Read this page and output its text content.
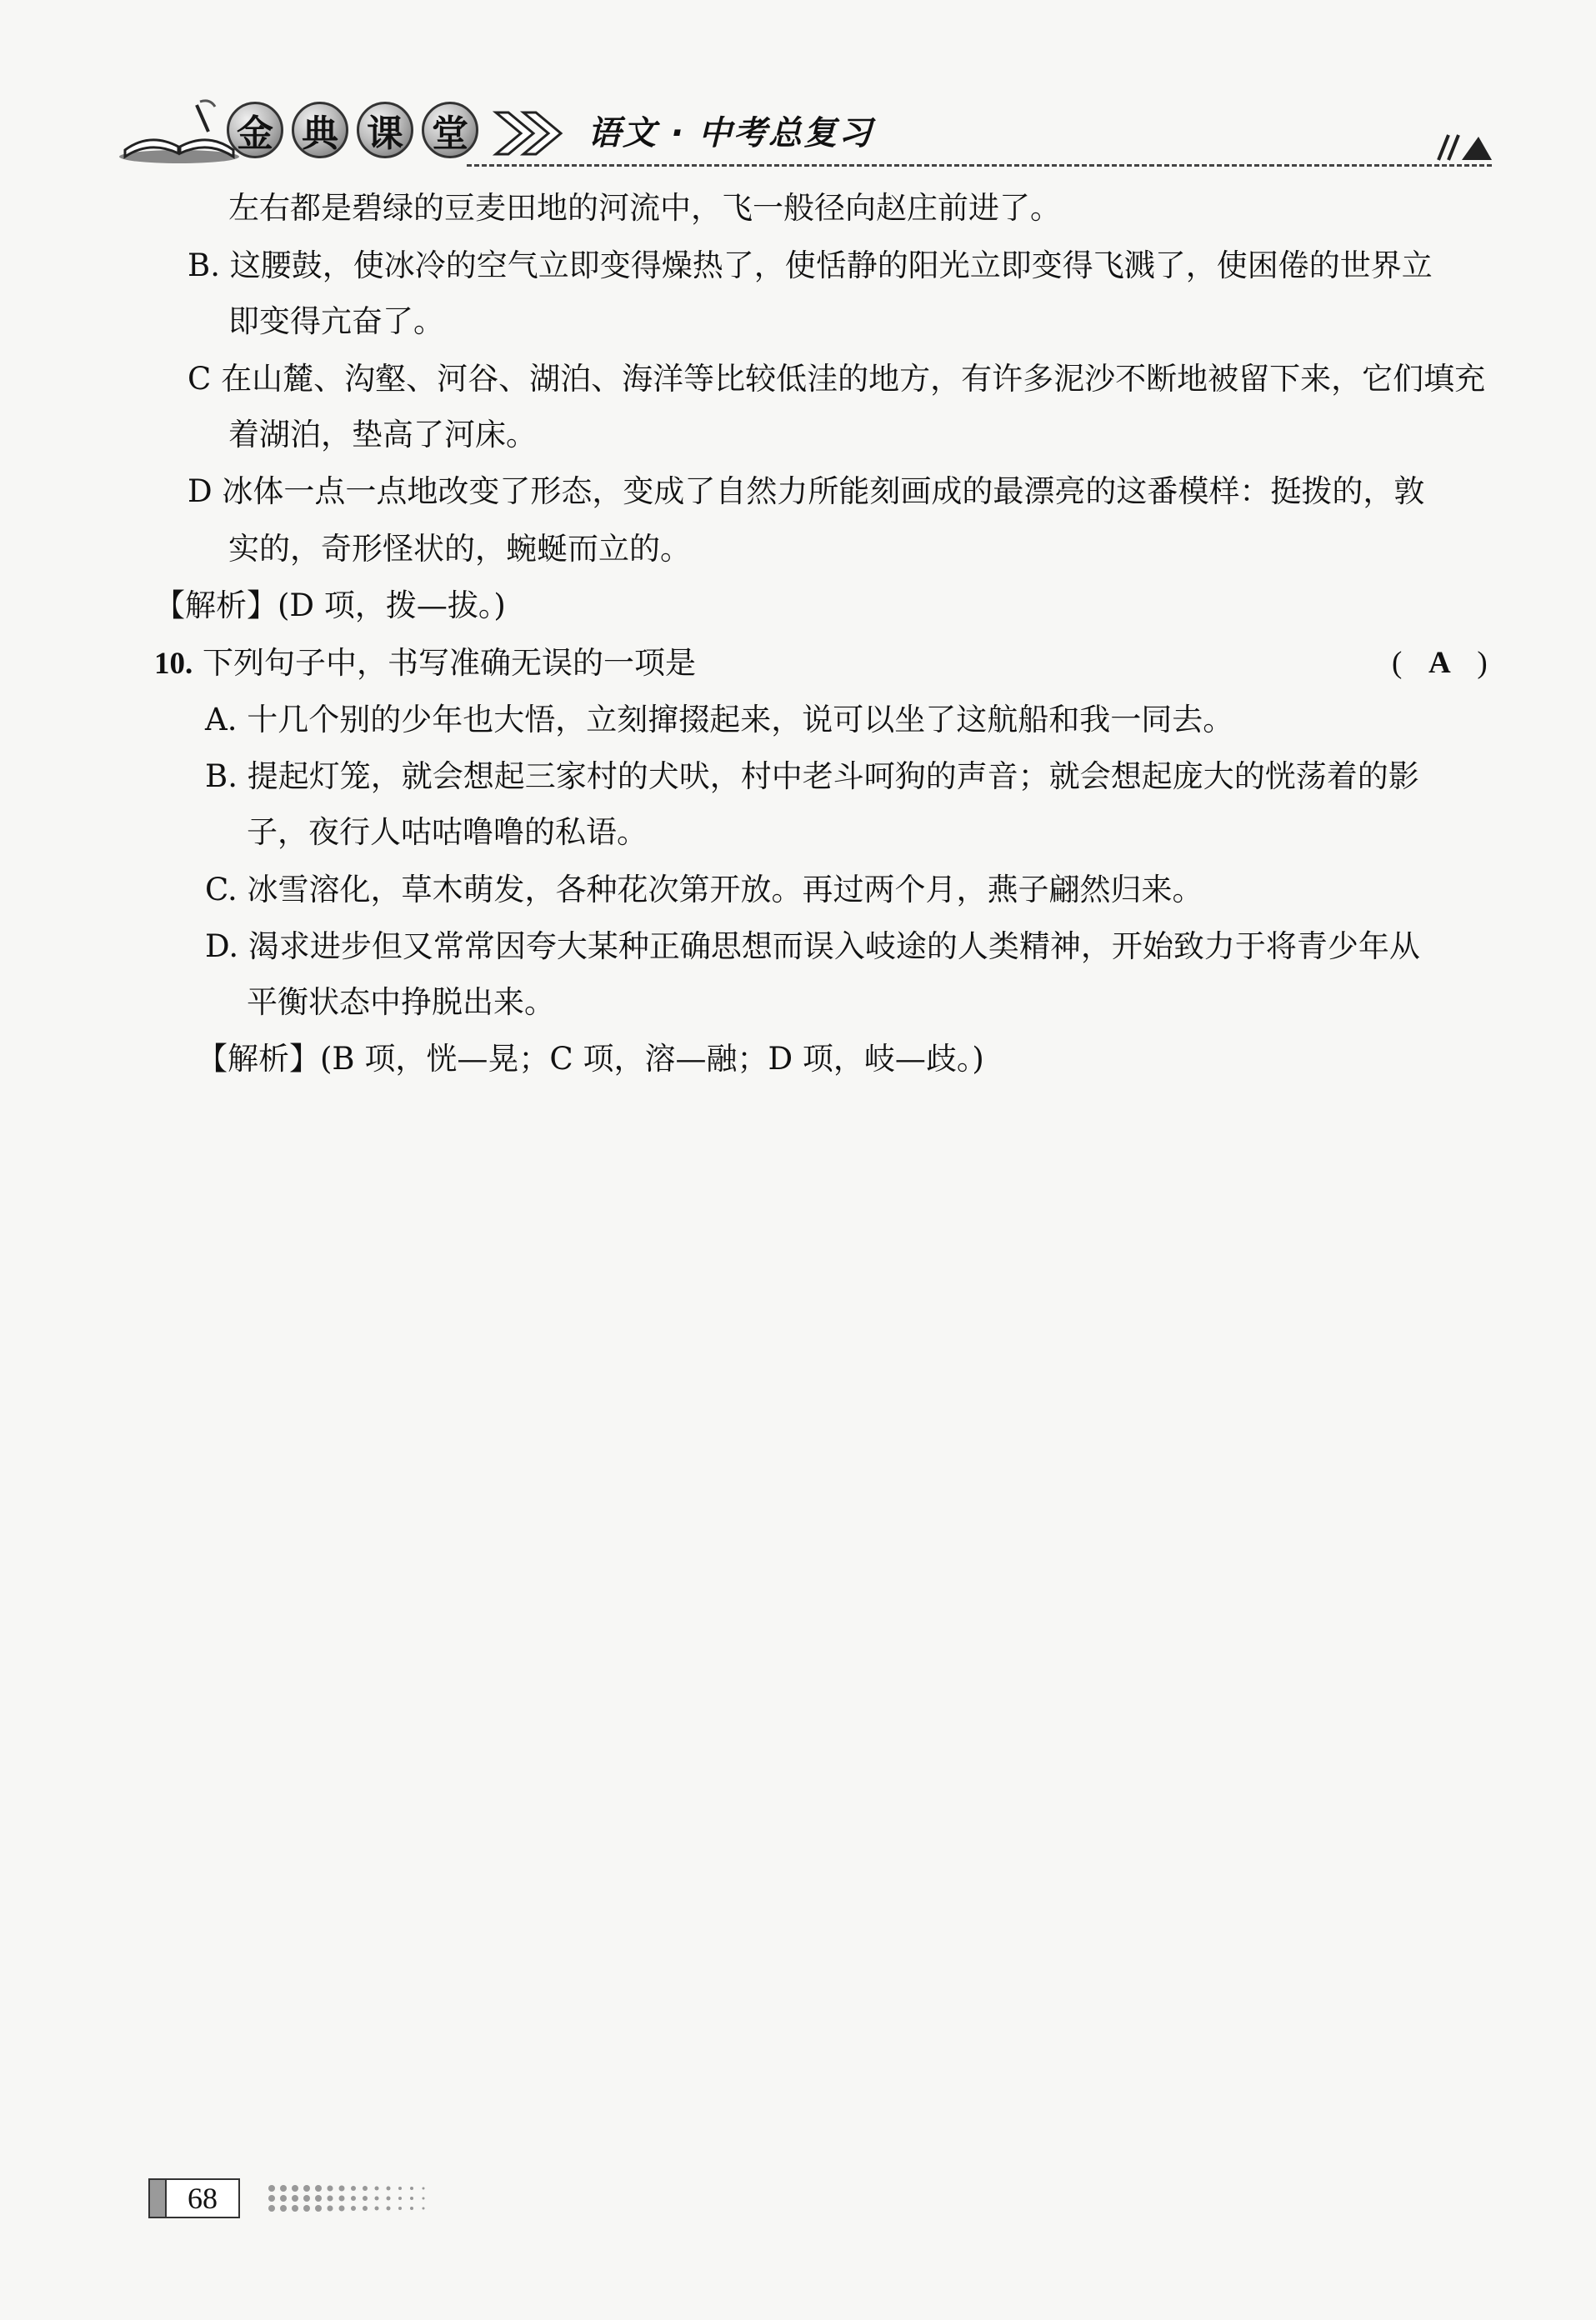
金 典 课 堂	语文 · 中考总复习
左右都是碧绿的豆麦田地的河流中，飞一般径向赵庄前进了。
B. 这腰鼓，使冰冷的空气立即变得燥热了，使恬静的阳光立即变得飞溅了，使困倦的世界立
即变得亢奋了。
C 在山麓、沟壑、河谷、湖泊、海洋等比较低洼的地方，有许多泥沙不断地被留下来，它们填充
着湖泊，垫高了河床。
D 冰体一点一点地改变了形态，变成了自然力所能刻画成的最漂亮的这番模样：挺拨的，敦
实的，奇形怪状的，蜿蜒而立的。
【解析】(D 项，拨—拔。)
10. 下列句子中，书写准确无误的一项是	( A )
A. 十几个别的少年也大悟，立刻撺掇起来，说可以坐了这航船和我一同去。
B. 提起灯笼，就会想起三家村的犬吠，村中老斗呵狗的声音；就会想起庞大的恍荡着的影
子，夜行人咕咕噜噜的私语。
C. 冰雪溶化，草木萌发，各种花次第开放。再过两个月，燕子翩然归来。
D. 渴求进步但又常常因夸大某种正确思想而误入岐途的人类精神，开始致力于将青少年从
平衡状态中挣脱出来。
【解析】(B 项，恍—晃；C 项，溶—融；D 项，岐—歧。)
68
